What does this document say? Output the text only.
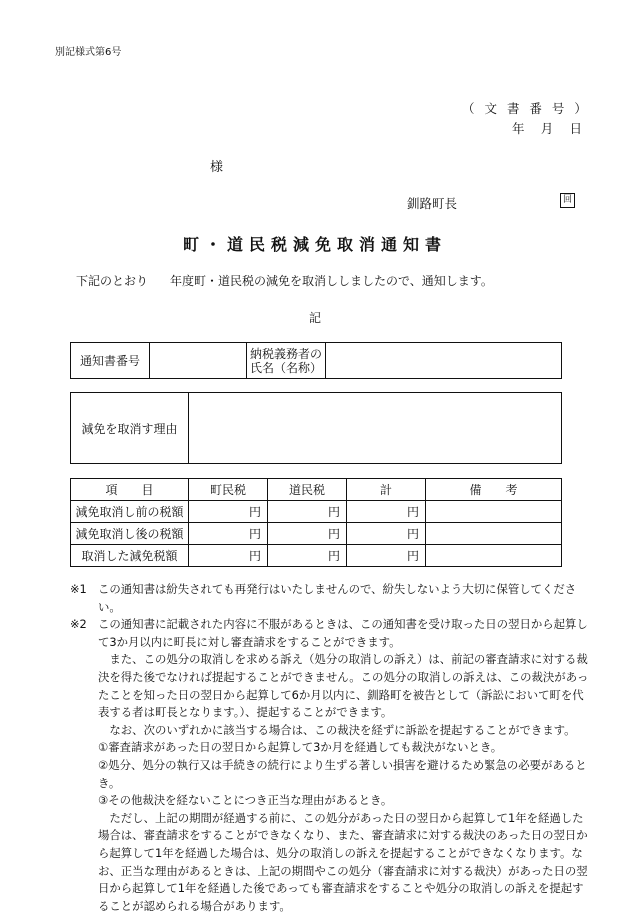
別記様式第6号
（ 文 書 番 号 ）
年 月 日
様
釧路町長	回
町・道民税減免取消通知書
下記のとおり 年度町・道民税の減免を取消ししましたので、通知します。
記
通知書番号		納税義務者の
氏名（名称）	
減免を取消す理由	
項　　目	町民税	道民税	計	備　　考
減免取消し前の税額	円	円	円	
減免取消し後の税額	円	円	円	
取消した減免税額	円	円	円	
※1 この通知書は紛失されても再発行はいたしませんので、紛失しないよう大切に保管してください。
※2 この通知書に記載された内容に不服があるときは、この通知書を受け取った日の翌日から起算して3か月以内に町長に対し審査請求をすることができます。
また、この処分の取消しを求める訴え（処分の取消しの訴え）は、前記の審査請求に対する裁決を得た後でなければ提起することができません。この処分の取消しの訴えは、この裁決があったことを知った日の翌日から起算して6か月以内に、釧路町を被告として（訴訟において町を代表する者は町長となります。）、提起することができます。
なお、次のいずれかに該当する場合は、この裁決を経ずに訴訟を提起することができます。
①審査請求があった日の翌日から起算して3か月を経過しても裁決がないとき。
②処分、処分の執行又は手続きの続行により生ずる著しい損害を避けるため緊急の必要があるとき。
③その他裁決を経ないことにつき正当な理由があるとき。
ただし、上記の期間が経過する前に、この処分があった日の翌日から起算して1年を経過した場合は、審査請求をすることができなくなり、また、審査請求に対する裁決のあった日の翌日から起算して1年を経過した場合は、処分の取消しの訴えを提起することができなくなります。なお、正当な理由があるときは、上記の期間やこの処分（審査請求に対する裁決）があった日の翌日から起算して1年を経過した後であっても審査請求をすることや処分の取消しの訴えを提起することが認められる場合があります。
